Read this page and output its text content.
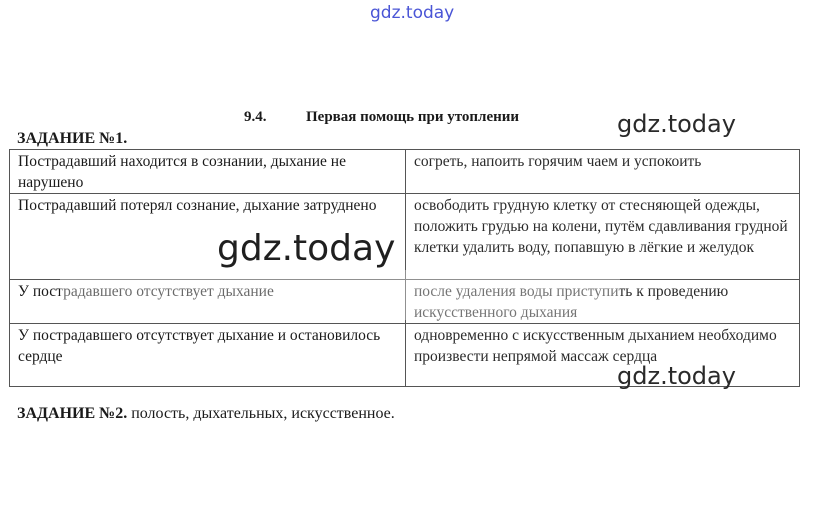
gdz.today
9.4.	Первая помощь при утоплении
ЗАДАНИЕ №1.
Пострадавший находится в сознании, дыхание не нарушено	согреть, напоить горячим чаем и успокоить
Пострадавший потерял сознание, дыхание затруднено	освободить грудную клетку от стесняющей одежды, положить грудью на колени, путём сдавливания грудной клетки удалить воду, попавшую в лёгкие и желудок
У пострадавшего отсутствует дыхание	после удаления воды приступить к проведению искусственного дыхания
У пострадавшего отсутствует дыхание и остановилось сердце	одновременно с искусственным дыханием необходимо произвести непрямой массаж сердца
ЗАДАНИЕ №2. полость, дыхательных, искусственное.
gdz.today
gdz.today
gdz.today
